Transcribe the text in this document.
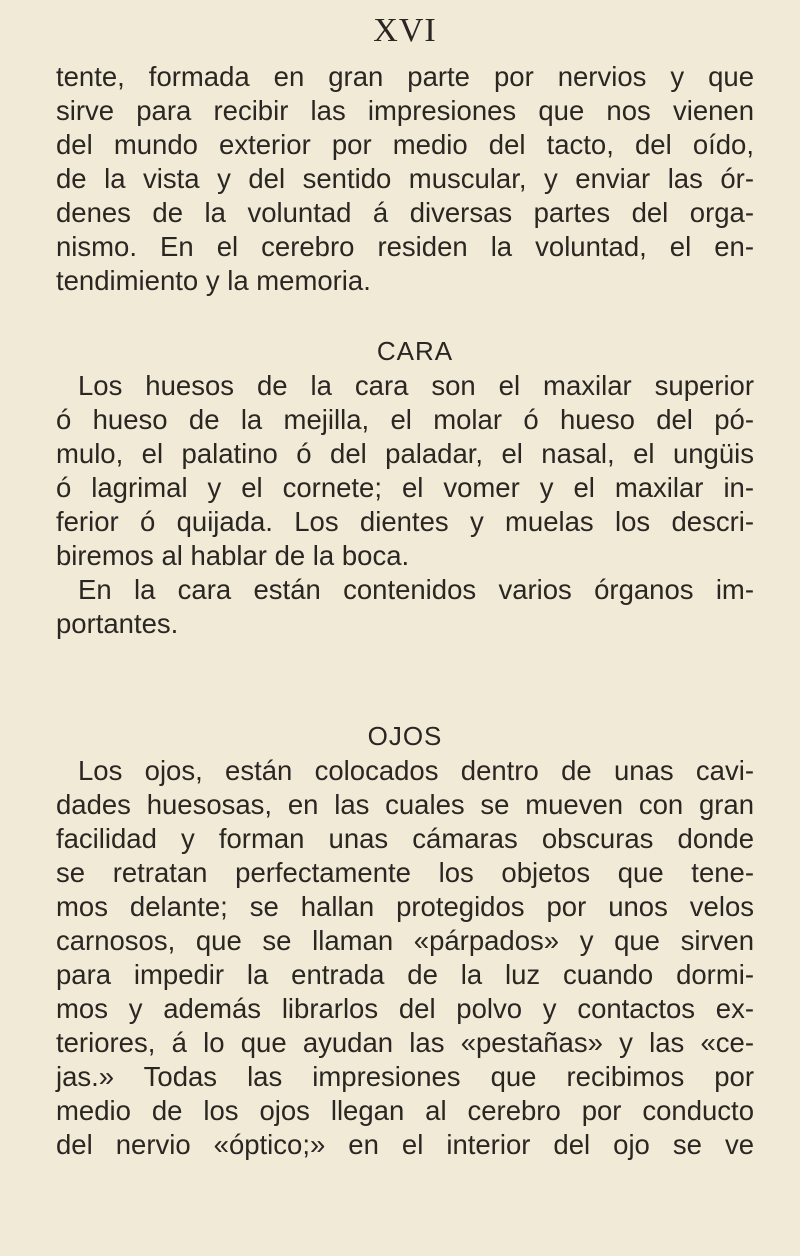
XVI

tente, formada en gran parte por nervios y que
sirve para recibir las impresiones que nos vienen
del mundo exterior por medio del tacto, del oído,
de la vista y del sentido muscular, y enviar las ór-
denes de la voluntad á diversas partes del orga-
nismo. En el cerebro residen la voluntad, el en-
tendimiento y la memoria.

CARA

Los huesos de la cara son el maxilar superior
ó hueso de la mejilla, el molar ó hueso del pó-
mulo, el palatino ó del paladar, el nasal, el ungüis
ó lagrimal y el cornete; el vomer y el maxilar in-
ferior ó quijada. Los dientes y muelas los descri-
biremos al hablar de la boca.

En la cara están contenidos varios órganos im-
portantes.

OJOS

Los ojos, están colocados dentro de unas cavi-
dades huesosas, en las cuales se mueven con gran
facilidad y forman unas cámaras obscuras donde
se retratan perfectamente los objetos que tene-
mos delante; se hallan protegidos por unos velos
carnosos, que se llaman «párpados» y que sirven
para impedir la entrada de la luz cuando dormi-
mos y además librarlos del polvo y contactos ex-
teriores, á lo que ayudan las «pestañas» y las «ce-
jas.» Todas las impresiones que recibimos por
medio de los ojos llegan al cerebro por conducto
del nervio «óptico;» en el interior del ojo se ve
